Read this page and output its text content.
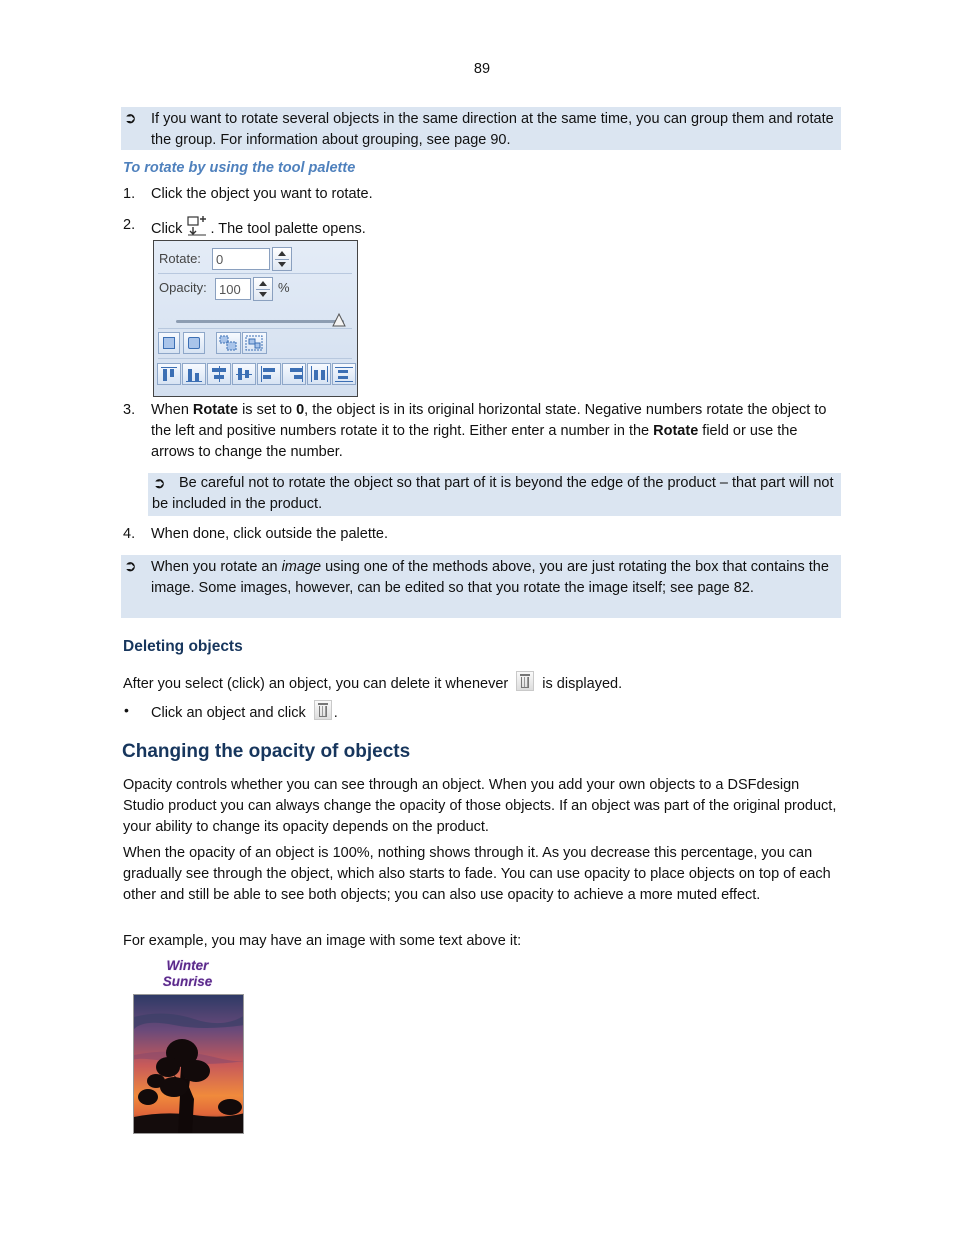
89
➲ If you want to rotate several objects in the same direction at the same time, you can group them and rotate the group. For information about grouping, see page 90.
To rotate by using the tool palette
1. Click the object you want to rotate.
2. Click . The tool palette opens.
Rotate:	0
Opacity: 100	%
3. When Rotate is set to 0, the object is in its original horizontal state. Negative numbers rotate the object to the left and positive numbers rotate it to the right. Either enter a number in the Rotate field or use the arrows to change the number.
➲ Be careful not to rotate the object so that part of it is beyond the edge of the product – that part will not be included in the product.
4. When done, click outside the palette.
➲ When you rotate an image using one of the methods above, you are just rotating the box that contains the image. Some images, however, can be edited so that you rotate the image itself; see page 82.
Deleting objects
After you select (click) an object, you can delete it whenever  is displayed.
• Click an object and click .
Changing the opacity of objects
Opacity controls whether you can see through an object. When you add your own objects to a DSFdesign Studio product you can always change the opacity of those objects. If an object was part of the original product, your ability to change its opacity depends on the product.
When the opacity of an object is 100%, nothing shows through it. As you decrease this percentage, you can gradually see through the object, which also starts to fade. You can use opacity to place objects on top of each other and still be able to see both objects; you can also use opacity to achieve a more muted effect.
For example, you may have an image with some text above it:
Winter
Sunrise
